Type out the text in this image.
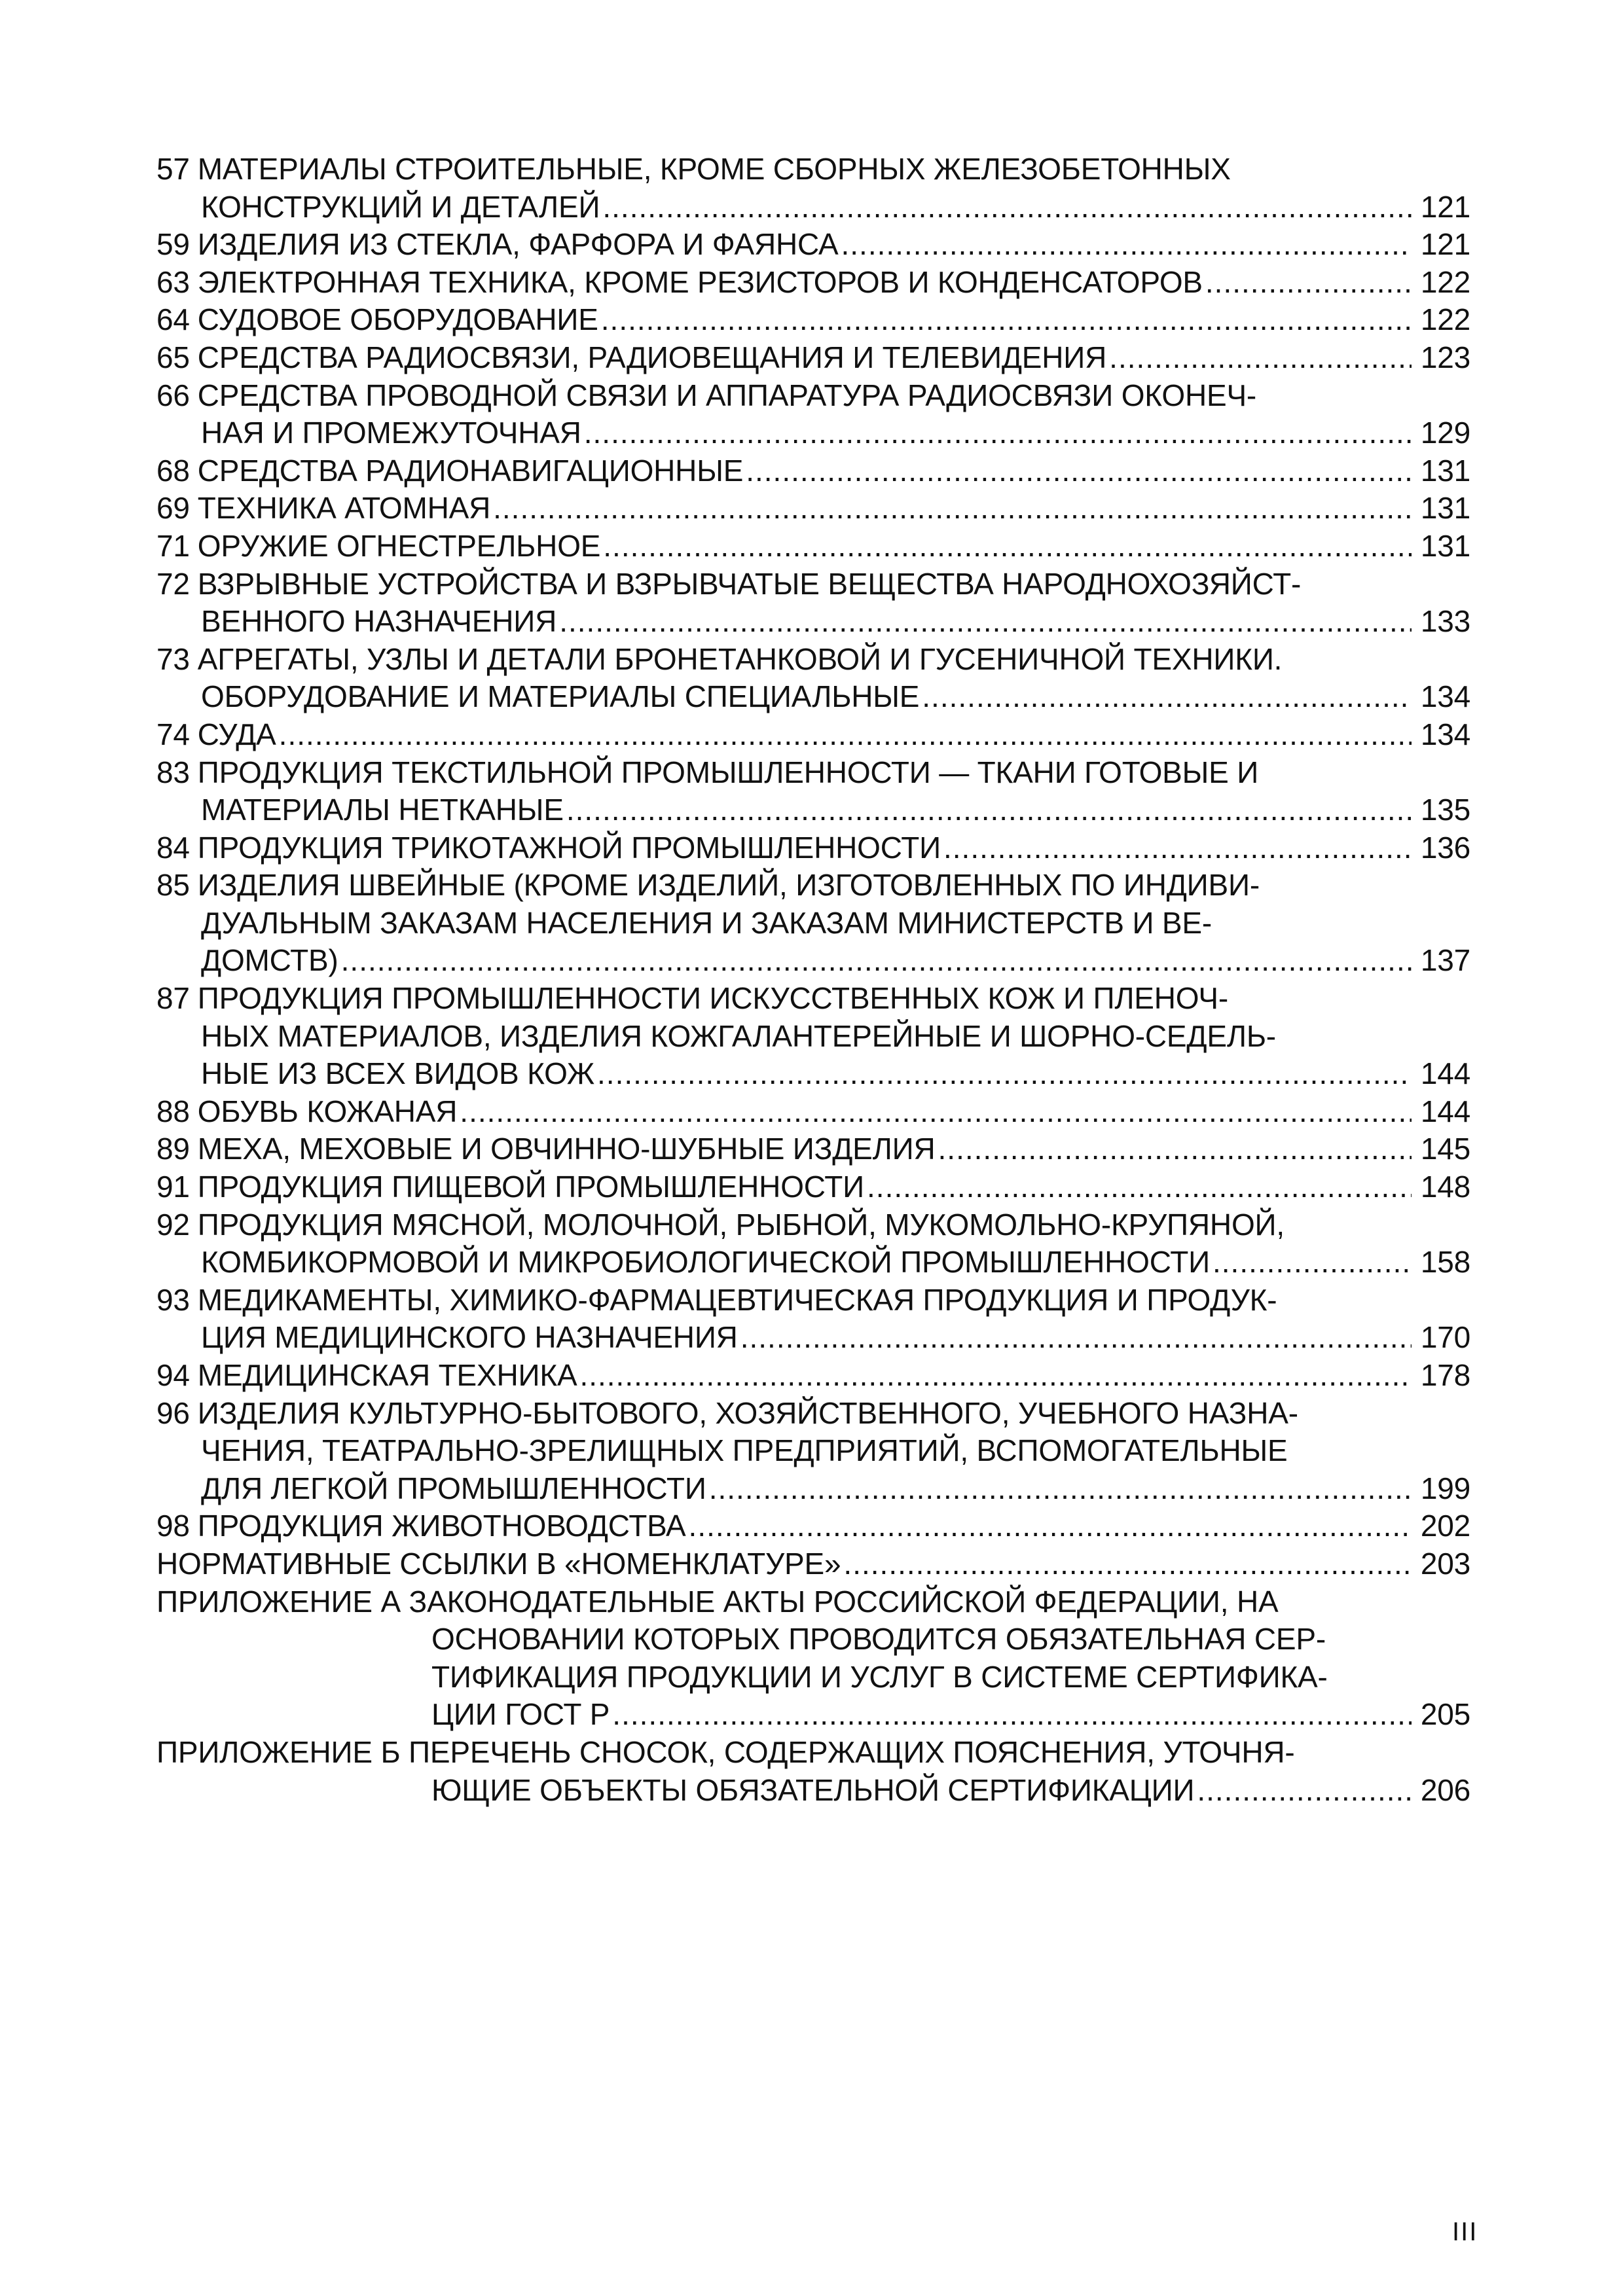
57 МАТЕРИАЛЫ СТРОИТЕЛЬНЫЕ, КРОМЕ СБОРНЫХ ЖЕЛЕЗОБЕТОННЫХ
КОНСТРУКЦИЙ И ДЕТАЛЕЙ .....	121
59 ИЗДЕЛИЯ ИЗ СТЕКЛА, ФАРФОРА И ФАЯНСА .....	121
63 ЭЛЕКТРОННАЯ ТЕХНИКА, КРОМЕ РЕЗИСТОРОВ И КОНДЕНСАТОРОВ .....	122
64 СУДОВОЕ ОБОРУДОВАНИЕ .....	122
65 СРЕДСТВА РАДИОСВЯЗИ, РАДИОВЕЩАНИЯ И ТЕЛЕВИДЕНИЯ .....	123
66 СРЕДСТВА ПРОВОДНОЙ СВЯЗИ И АППАРАТУРА РАДИОСВЯЗИ ОКОНЕЧ-
НАЯ И ПРОМЕЖУТОЧНАЯ .....	129
68 СРЕДСТВА РАДИОНАВИГАЦИОННЫЕ .....	131
69 ТЕХНИКА АТОМНАЯ .....	131
71 ОРУЖИЕ ОГНЕСТРЕЛЬНОЕ .....	131
72 ВЗРЫВНЫЕ УСТРОЙСТВА И ВЗРЫВЧАТЫЕ ВЕЩЕСТВА НАРОДНОХОЗЯЙСТ-
ВЕННОГО НАЗНАЧЕНИЯ .....	133
73 АГРЕГАТЫ, УЗЛЫ И ДЕТАЛИ БРОНЕТАНКОВОЙ И ГУСЕНИЧНОЙ ТЕХНИКИ.
ОБОРУДОВАНИЕ И МАТЕРИАЛЫ СПЕЦИАЛЬНЫЕ .....	134
74 СУДА .....	134
83 ПРОДУКЦИЯ ТЕКСТИЛЬНОЙ ПРОМЫШЛЕННОСТИ — ТКАНИ ГОТОВЫЕ И
МАТЕРИАЛЫ НЕТКАНЫЕ .....	135
84 ПРОДУКЦИЯ ТРИКОТАЖНОЙ ПРОМЫШЛЕННОСТИ .....	136
85 ИЗДЕЛИЯ ШВЕЙНЫЕ (КРОМЕ ИЗДЕЛИЙ, ИЗГОТОВЛЕННЫХ ПО ИНДИВИ-
ДУАЛЬНЫМ ЗАКАЗАМ НАСЕЛЕНИЯ И ЗАКАЗАМ МИНИСТЕРСТВ И ВЕ-
ДОМСТВ) .....	137
87 ПРОДУКЦИЯ ПРОМЫШЛЕННОСТИ ИСКУССТВЕННЫХ КОЖ И ПЛЕНОЧ-
НЫХ МАТЕРИАЛОВ, ИЗДЕЛИЯ КОЖГАЛАНТЕРЕЙНЫЕ И ШОРНО-СЕДЕЛЬ-
НЫЕ ИЗ ВСЕХ ВИДОВ КОЖ .....	144
88 ОБУВЬ КОЖАНАЯ .....	144
89 МЕХА, МЕХОВЫЕ И ОВЧИННО-ШУБНЫЕ ИЗДЕЛИЯ .....	145
91 ПРОДУКЦИЯ ПИЩЕВОЙ ПРОМЫШЛЕННОСТИ .....	148
92 ПРОДУКЦИЯ МЯСНОЙ, МОЛОЧНОЙ, РЫБНОЙ, МУКОМОЛЬНО-КРУПЯНОЙ,
КОМБИКОРМОВОЙ И МИКРОБИОЛОГИЧЕСКОЙ ПРОМЫШЛЕННОСТИ .....	158
93 МЕДИКАМЕНТЫ, ХИМИКО-ФАРМАЦЕВТИЧЕСКАЯ ПРОДУКЦИЯ И ПРОДУК-
ЦИЯ МЕДИЦИНСКОГО НАЗНАЧЕНИЯ .....	170
94 МЕДИЦИНСКАЯ ТЕХНИКА .....	178
96 ИЗДЕЛИЯ КУЛЬТУРНО-БЫТОВОГО, ХОЗЯЙСТВЕННОГО, УЧЕБНОГО НАЗНА-
ЧЕНИЯ, ТЕАТРАЛЬНО-ЗРЕЛИЩНЫХ ПРЕДПРИЯТИЙ, ВСПОМОГАТЕЛЬНЫЕ
ДЛЯ ЛЕГКОЙ ПРОМЫШЛЕННОСТИ .....	199
98 ПРОДУКЦИЯ ЖИВОТНОВОДСТВА .....	202
НОРМАТИВНЫЕ ССЫЛКИ В «НОМЕНКЛАТУРЕ» .....	203
ПРИЛОЖЕНИЕ А ЗАКОНОДАТЕЛЬНЫЕ АКТЫ РОССИЙСКОЙ ФЕДЕРАЦИИ, НА
ОСНОВАНИИ КОТОРЫХ ПРОВОДИТСЯ ОБЯЗАТЕЛЬНАЯ СЕР-
ТИФИКАЦИЯ ПРОДУКЦИИ И УСЛУГ В СИСТЕМЕ СЕРТИФИКА-
ЦИИ ГОСТ Р .....	205
ПРИЛОЖЕНИЕ Б ПЕРЕЧЕНЬ СНОСОК, СОДЕРЖАЩИХ ПОЯСНЕНИЯ, УТОЧНЯ-
ЮЩИЕ ОБЪЕКТЫ ОБЯЗАТЕЛЬНОЙ СЕРТИФИКАЦИИ .....	206
III
